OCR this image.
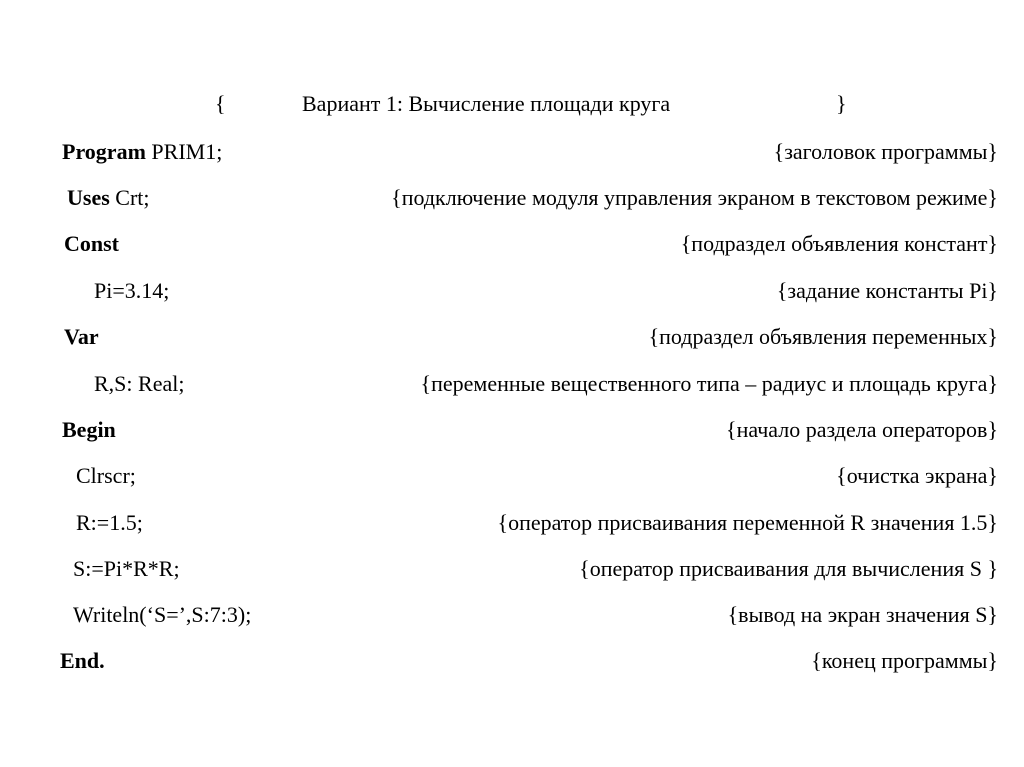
{	Вариант 1: Вычисление площади круга	}
Program PRIM1;	{заголовок программы}
Uses Crt;	{подключение модуля управления экраном в текстовом режиме}
Const	{подраздел объявления констант}
Pi=3.14;	{задание константы Pi}
Var	{подраздел объявления переменных}
R,S: Real;	{переменные вещественного типа – радиус и площадь круга}
Begin	{начало раздела операторов}
Clrscr;	{очистка экрана}
R:=1.5;	{оператор присваивания переменной R значения 1.5}
S:=Pi*R*R;	{оператор присваивания для вычисления S }
Writeln(‘S=’,S:7:3);	{вывод на экран значения S}
End.	{конец программы}
